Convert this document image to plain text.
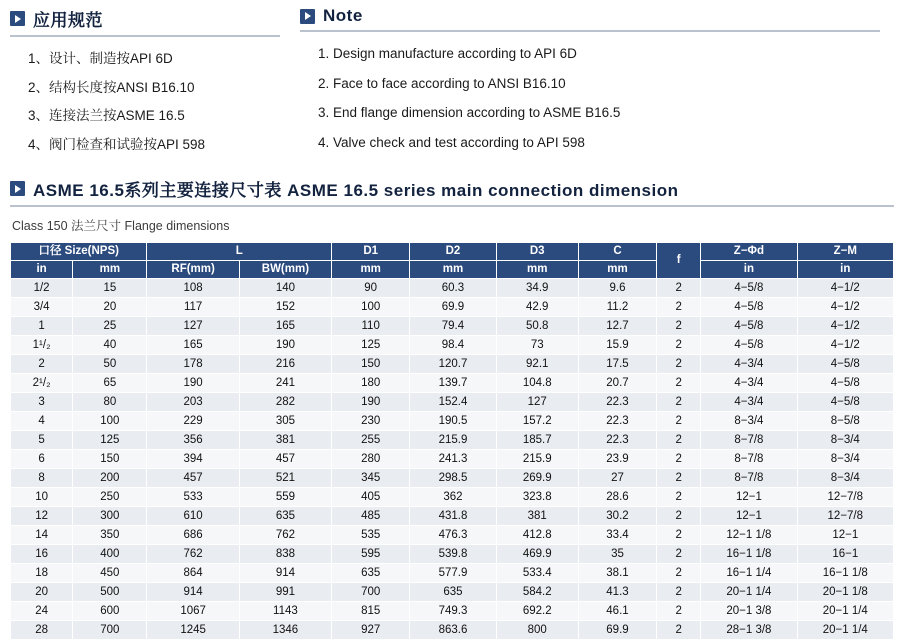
应用规范
1、设计、制造按API 6D
2、结构长度按ANSI B16.10
3、连接法兰按ASME 16.5
4、阀门检查和试验按API 598
Note
1. Design manufacture according to API 6D
2. Face to face according to ANSI B16.10
3. End flange dimension according to ASME B16.5
4. Valve check and test according to API 598
ASME 16.5系列主要连接尺寸表 ASME 16.5 series main connection dimension
Class 150 法兰尺寸 Flange dimensions
口径 Size(NPS)		L		D1	D2	D3	C	f	Z−Φd	Z−M
in	mm	RF(mm)	BW(mm)	mm	mm	mm	mm		in	in
1/2	15	108	140	90	60.3	34.9	9.6	2	4−5/8	4−1/2
3/4	20	117	152	100	69.9	42.9	11.2	2	4−5/8	4−1/2
1	25	127	165	110	79.4	50.8	12.7	2	4−5/8	4−1/2
1¹/₂	40	165	190	125	98.4	73	15.9	2	4−5/8	4−1/2
2	50	178	216	150	120.7	92.1	17.5	2	4−3/4	4−5/8
2¹/₂	65	190	241	180	139.7	104.8	20.7	2	4−3/4	4−5/8
3	80	203	282	190	152.4	127	22.3	2	4−3/4	4−5/8
4	100	229	305	230	190.5	157.2	22.3	2	8−3/4	8−5/8
5	125	356	381	255	215.9	185.7	22.3	2	8−7/8	8−3/4
6	150	394	457	280	241.3	215.9	23.9	2	8−7/8	8−3/4
8	200	457	521	345	298.5	269.9	27	2	8−7/8	8−3/4
10	250	533	559	405	362	323.8	28.6	2	12−1	12−7/8
12	300	610	635	485	431.8	381	30.2	2	12−1	12−7/8
14	350	686	762	535	476.3	412.8	33.4	2	12−1 1/8	12−1
16	400	762	838	595	539.8	469.9	35	2	16−1 1/8	16−1
18	450	864	914	635	577.9	533.4	38.1	2	16−1 1/4	16−1 1/8
20	500	914	991	700	635	584.2	41.3	2	20−1 1/4	20−1 1/8
24	600	1067	1143	815	749.3	692.2	46.1	2	20−1 3/8	20−1 1/4
28	700	1245	1346	927	863.6	800	69.9	2	28−1 3/8	20−1 1/4
